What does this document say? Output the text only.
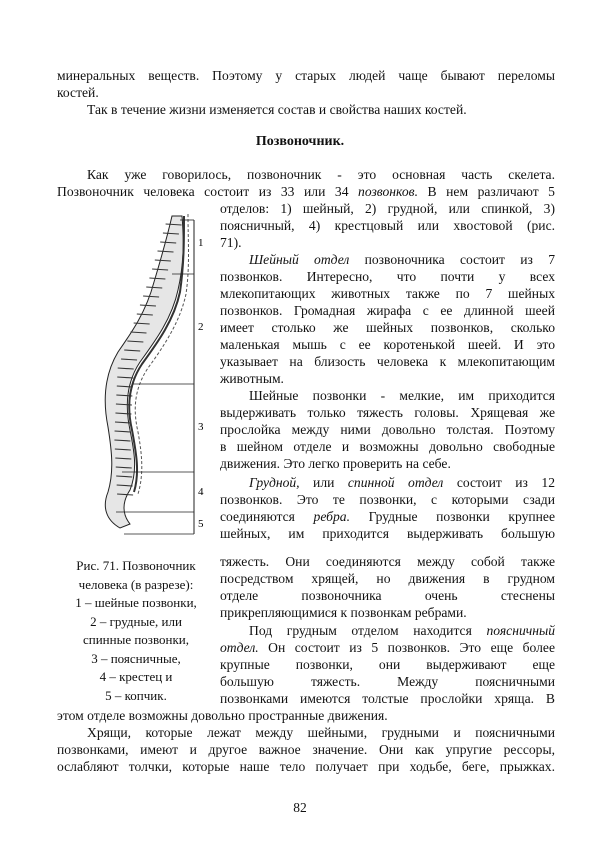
минеральных веществ. Поэтому у старых людей чаще бывают переломы
костей.
Так в течение жизни изменяется состав и свойства наших костей.
Позвоночник.
Как уже говорилось, позвоночник - это основная часть скелета.
Позвоночник человека состоит из 33 или 34 позвонков. В нем различают 5
отделов: 1) шейный, 2) грудной, или спинкой, 3)
поясничный, 4) крестцовый или хвостовой (рис.
71).
Шейный отдел позвоночника состоит из 7
позвонков. Интересно, что почти у всех
млекопитающих животных также по 7 шейных
позвонков. Громадная жирафа с ее длинной шеей
имеет столько же шейных позвонков, сколько
маленькая мышь с ее коротенькой шеей. И это
указывает на близость человека к млекопитающим
животным.
Шейные позвонки - мелкие, им приходится
выдерживать только тяжесть головы. Хрящевая же
прослойка между ними довольно толстая. Поэтому
в шейном отделе и возможны довольно свободные
движения. Это легко проверить на себе.
Грудной, или спинной отдел состоит из 12
позвонков. Это те позвонки, с которыми сзади
соединяются ребра. Грудные позвонки крупнее
шейных, им приходится выдерживать большую
тяжесть. Они соединяются между собой также
посредством хрящей, но движения в грудном
отделе позвоночника очень стеснены
прикрепляющимися к позвонкам ребрами.
Под грудным отделом находится поясничный
отдел. Он состоит из 5 позвонков. Это еще более
крупные позвонки, они выдерживают еще
большую тяжесть. Между поясничными
позвонками имеются толстые прослойки хряща. В
этом отделе возможны довольно пространные движения.
Хрящи, которые лежат между шейными, грудными и поясничными
позвонками, имеют и другое важное значение. Они как упругие рессоры,
ослабляют толчки, которые наше тело получает при ходьбе, беге, прыжках.
1
2
3
4
5
Рис. 71. Позвоночник
человека (в разрезе):
1 – шейные позвонки,
2 – грудные, или
спинные позвонки,
3 – поясничные,
4 – крестец и
5 – копчик.
82
